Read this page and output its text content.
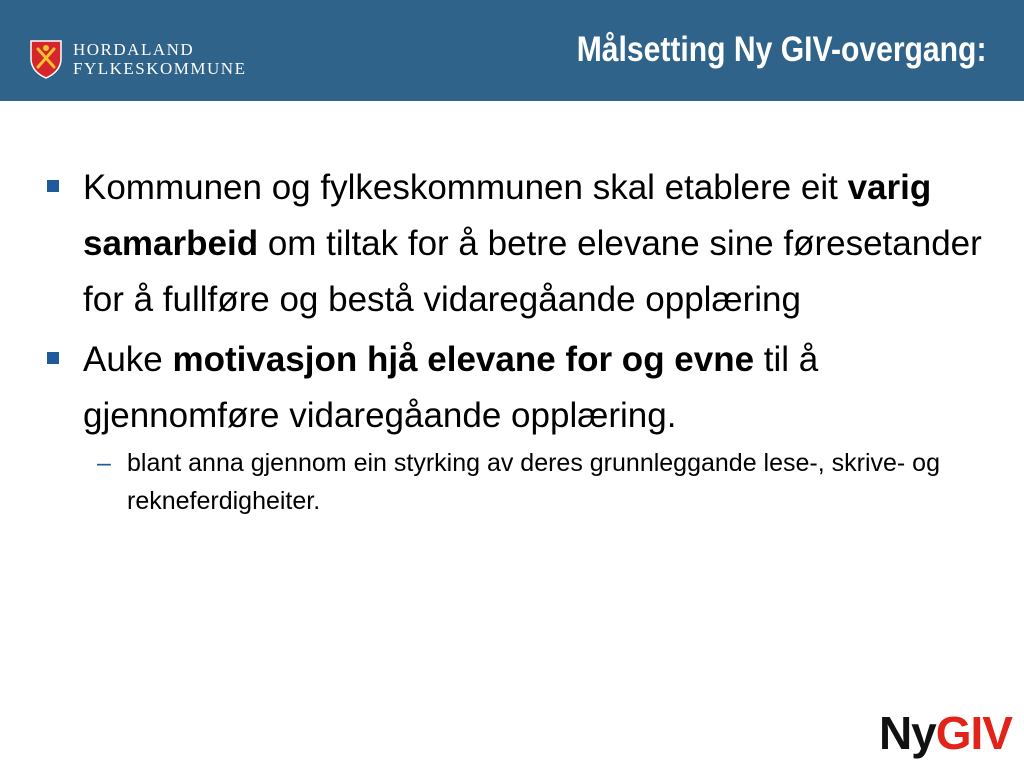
HORDALAND
FYLKESKOMMUNE	Målsetting Ny GIV-overgang:
Kommunen og fylkeskommunen skal etablere eit varig samarbeid om tiltak for å betre elevane sine føresetander for å fullføre og bestå vidaregåande opplæring
Auke motivasjon hjå elevane for og evne til å gjennomføre vidaregåande opplæring.
– blant anna gjennom ein styrking av deres grunnleggande lese-, skrive- og rekneferdigheiter.
NyGIV
